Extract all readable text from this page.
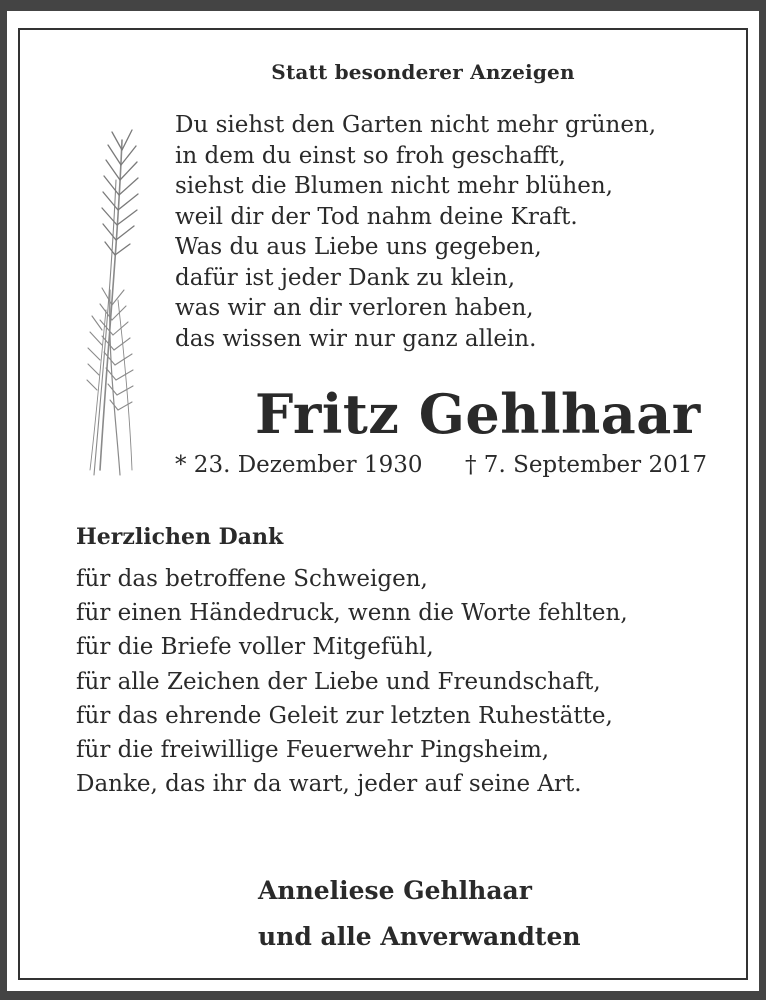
Statt besonderer Anzeigen
Du siehst den Garten nicht mehr grünen,
in dem du einst so froh geschafft,
siehst die Blumen nicht mehr blühen,
weil dir der Tod nahm deine Kraft.
Was du aus Liebe uns gegeben,
dafür ist jeder Dank zu klein,
was wir an dir verloren haben,
das wissen wir nur ganz allein.
Fritz Gehlhaar
* 23. Dezember 1930 † 7. September 2017
Herzlichen Dank
für das betroffene Schweigen,
für einen Händedruck, wenn die Worte fehlten,
für die Briefe voller Mitgefühl,
für alle Zeichen der Liebe und Freundschaft,
für das ehrende Geleit zur letzten Ruhestätte,
für die freiwillige Feuerwehr Pingsheim,
Danke, das ihr da wart, jeder auf seine Art.
Anneliese Gehlhaar
und alle Anverwandten
